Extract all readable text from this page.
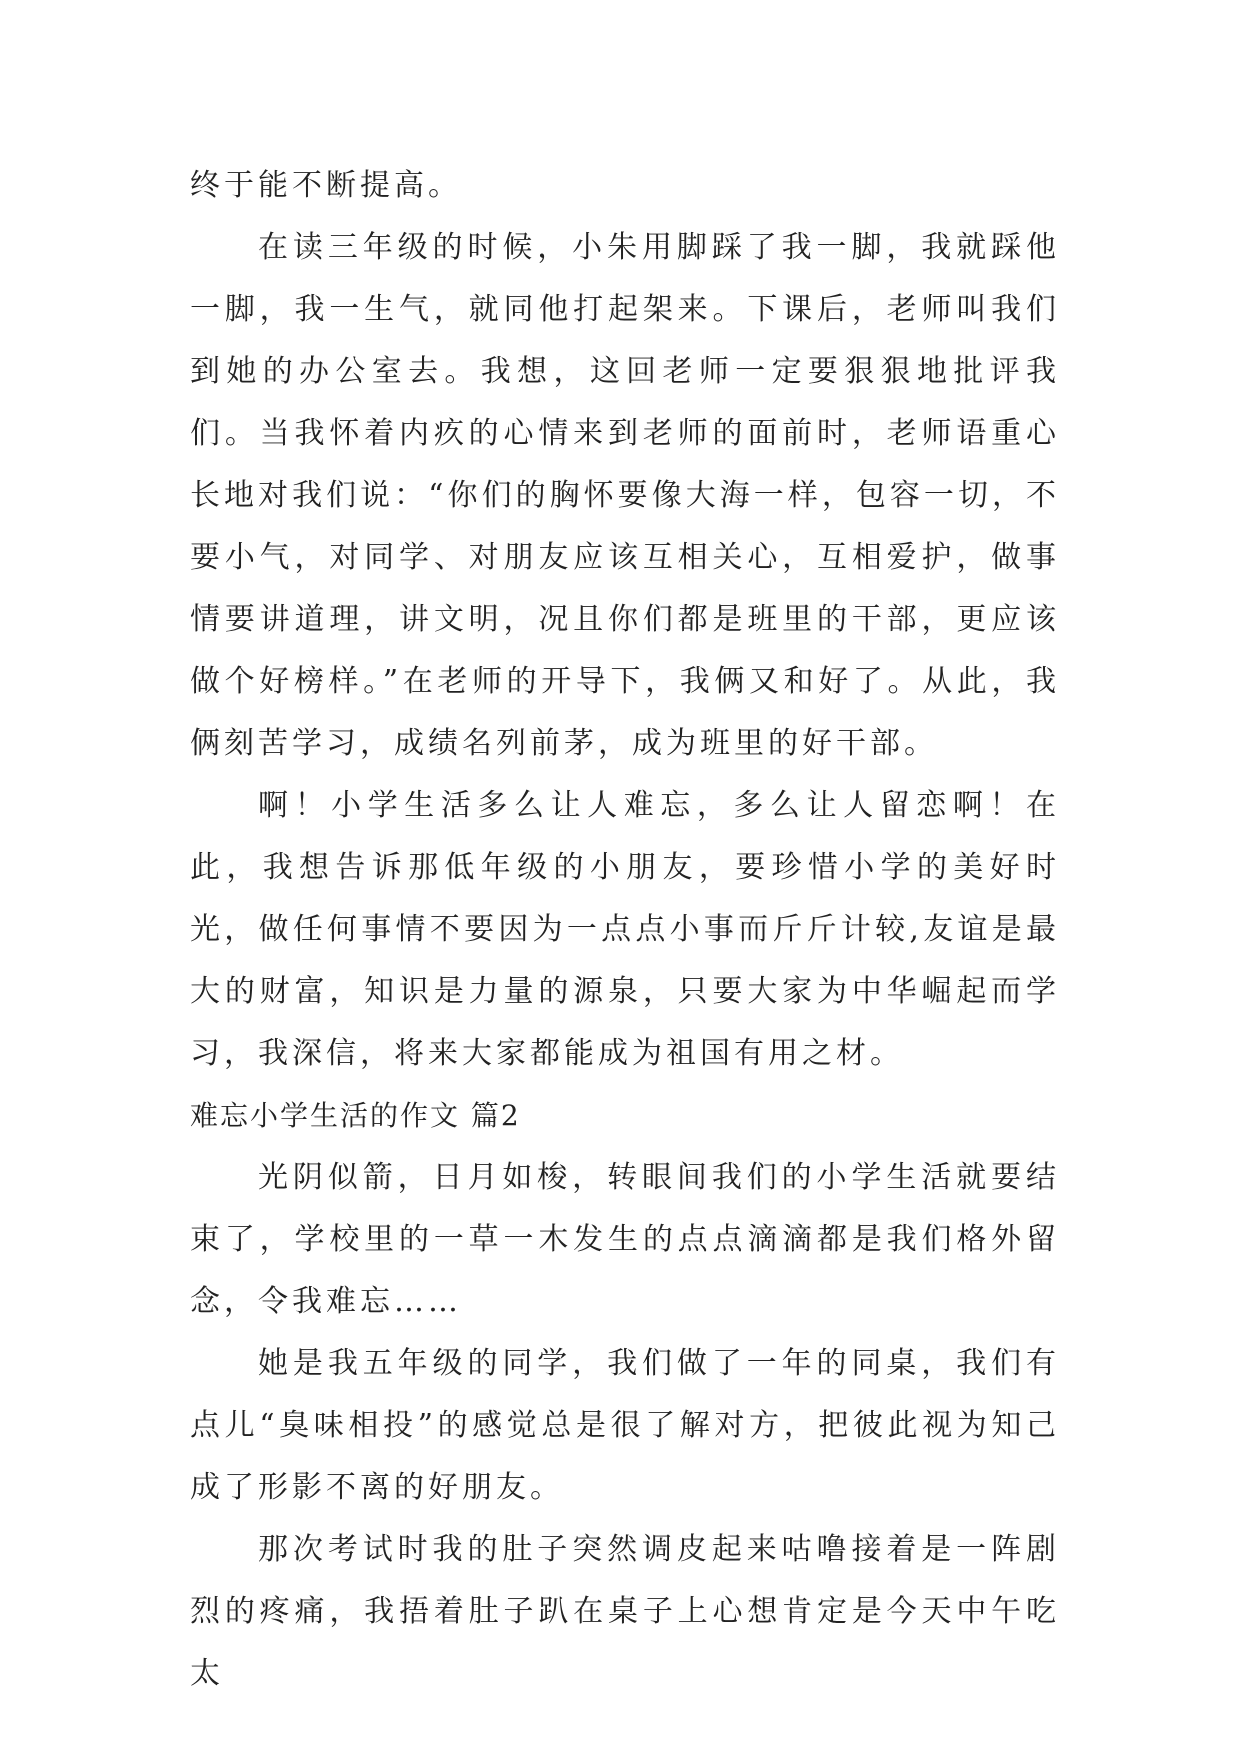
终于能不断提高。

在读三年级的时候，小朱用脚踩了我一脚，我就踩他一脚，我一生气，就同他打起架来。下课后，老师叫我们到她的办公室去。我想，这回老师一定要狠狠地批评我们。当我怀着内疚的心情来到老师的面前时，老师语重心长地对我们说：“你们的胸怀要像大海一样，包容一切，不要小气，对同学、对朋友应该互相关心，互相爱护，做事情要讲道理，讲文明，况且你们都是班里的干部，更应该做个好榜样。”在老师的开导下，我俩又和好了。从此，我俩刻苦学习，成绩名列前茅，成为班里的好干部。

啊！小学生活多么让人难忘，多么让人留恋啊！在此，我想告诉那低年级的小朋友，要珍惜小学的美好时光，做任何事情不要因为一点点小事而斤斤计较,友谊是最大的财富，知识是力量的源泉，只要大家为中华崛起而学习，我深信，将来大家都能成为祖国有用之材。

难忘小学生活的作文 篇2

光阴似箭，日月如梭，转眼间我们的小学生活就要结束了，学校里的一草一木发生的点点滴滴都是我们格外留念，令我难忘……

她是我五年级的同学，我们做了一年的同桌，我们有点儿“臭味相投”的感觉总是很了解对方，把彼此视为知己成了形影不离的好朋友。

那次考试时我的肚子突然调皮起来咕噜接着是一阵剧烈的疼痛，我捂着肚子趴在桌子上心想肯定是今天中午吃太
